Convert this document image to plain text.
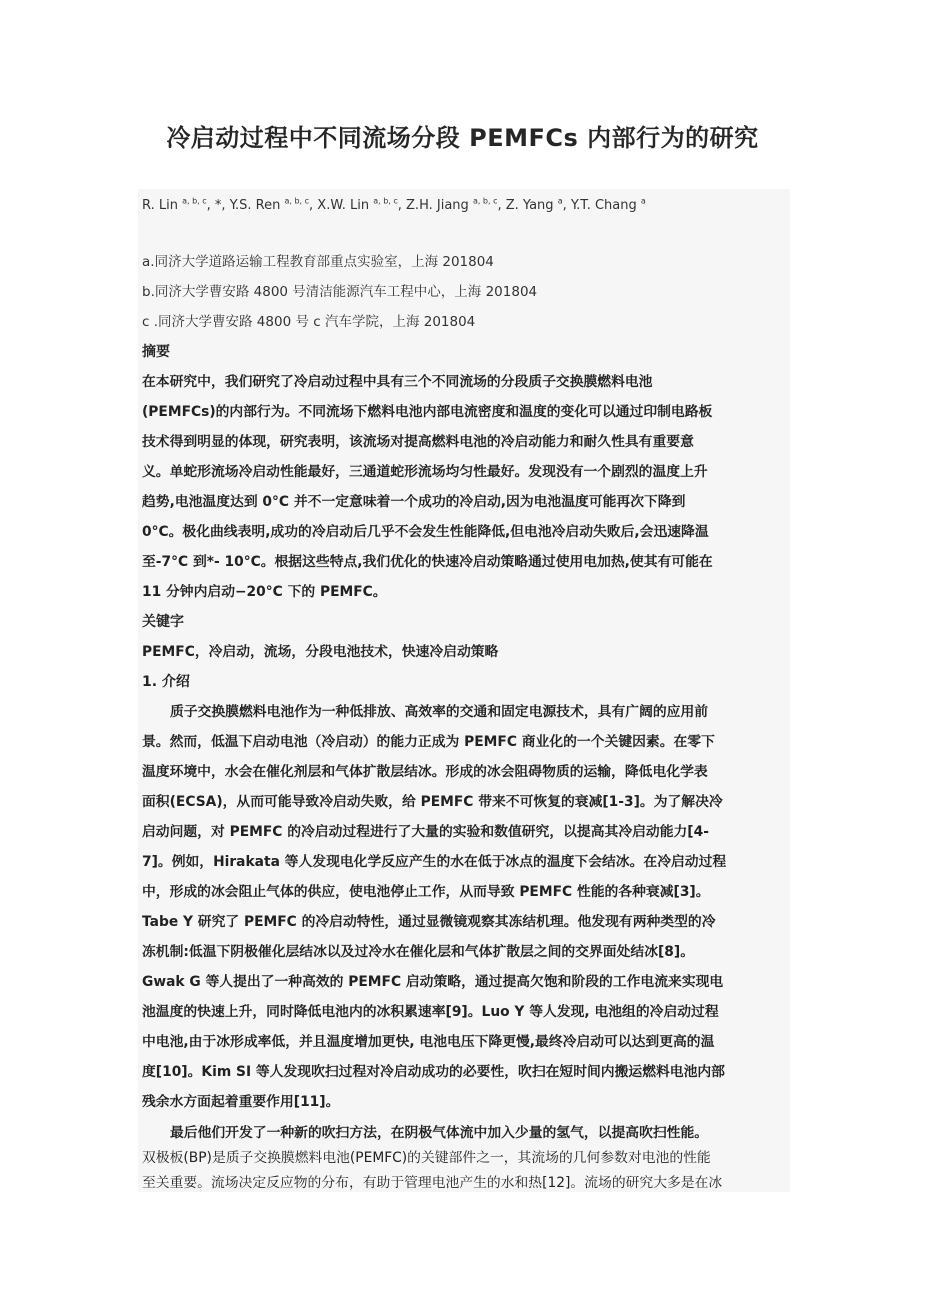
冷启动过程中不同流场分段 PEMFCs 内部行为的研究
R. Lin $^{a, b, c}$, *, Y.S. Ren $^{a, b, c}$, X.W. Lin $^{a, b, c}$, Z.H. Jiang $^{a, b, c}$, Z. Yang $^a$, Y.T. Chang $^a$
a.同济大学道路运输工程教育部重点实验室，上海 201804
b.同济大学曹安路 4800 号清洁能源汽车工程中心，上海 201804
c .同济大学曹安路 4800 号 c 汽车学院，上海 201804
摘要
在本研究中，我们研究了冷启动过程中具有三个不同流场的分段质子交换膜燃料电池
(PEMFCs)的内部行为。不同流场下燃料电池内部电流密度和温度的变化可以通过印制电路板
技术得到明显的体现，研究表明，该流场对提高燃料电池的冷启动能力和耐久性具有重要意
义。单蛇形流场冷启动性能最好，三通道蛇形流场均匀性最好。发现没有一个剧烈的温度上升
趋势,电池温度达到 0°C 并不一定意味着一个成功的冷启动,因为电池温度可能再次下降到
0°C。极化曲线表明,成功的冷启动后几乎不会发生性能降低,但电池冷启动失败后,会迅速降温
至-7°C 到*- 10°C。根据这些特点,我们优化的快速冷启动策略通过使用电加热,使其有可能在
11 分钟内启动−20°C 下的 PEMFC。
关键字
PEMFC，冷启动，流场，分段电池技术，快速冷启动策略
1. 介绍
质子交换膜燃料电池作为一种低排放、高效率的交通和固定电源技术，具有广阔的应用前
景。然而，低温下启动电池（冷启动）的能力正成为 PEMFC 商业化的一个关键因素。在零下
温度环境中，水会在催化剂层和气体扩散层结冰。形成的冰会阻碍物质的运输，降低电化学表
面积(ECSA)，从而可能导致冷启动失败，给 PEMFC 带来不可恢复的衰减[1-3]。为了解决冷
启动问题，对 PEMFC 的冷启动过程进行了大量的实验和数值研究，以提高其冷启动能力[4-
7]。例如，Hirakata 等人发现电化学反应产生的水在低于冰点的温度下会结冰。在冷启动过程
中，形成的冰会阻止气体的供应，使电池停止工作，从而导致 PEMFC 性能的各种衰减[3]。
Tabe Y 研究了 PEMFC 的冷启动特性，通过显微镜观察其冻结机理。他发现有两种类型的冷
冻机制:低温下阴极催化层结冰以及过冷水在催化层和气体扩散层之间的交界面处结冰[8]。
Gwak G 等人提出了一种高效的 PEMFC 启动策略，通过提高欠饱和阶段的工作电流来实现电
池温度的快速上升，同时降低电池内的冰积累速率[9]。Luo Y 等人发现, 电池组的冷启动过程
中电池,由于冰形成率低，并且温度增加更快, 电池电压下降更慢,最终冷启动可以达到更高的温
度[10]。Kim SI 等人发现吹扫过程对冷启动成功的必要性，吹扫在短时间内搬运燃料电池内部
残余水方面起着重要作用[11]。
最后他们开发了一种新的吹扫方法，在阴极气体流中加入少量的氢气，以提高吹扫性能。
双极板(BP)是质子交换膜燃料电池(PEMFC)的关键部件之一，其流场的几何参数对电池的性能
至关重要。流场决定反应物的分布，有助于管理电池产生的水和热[12]。流场的研究大多是在冰
